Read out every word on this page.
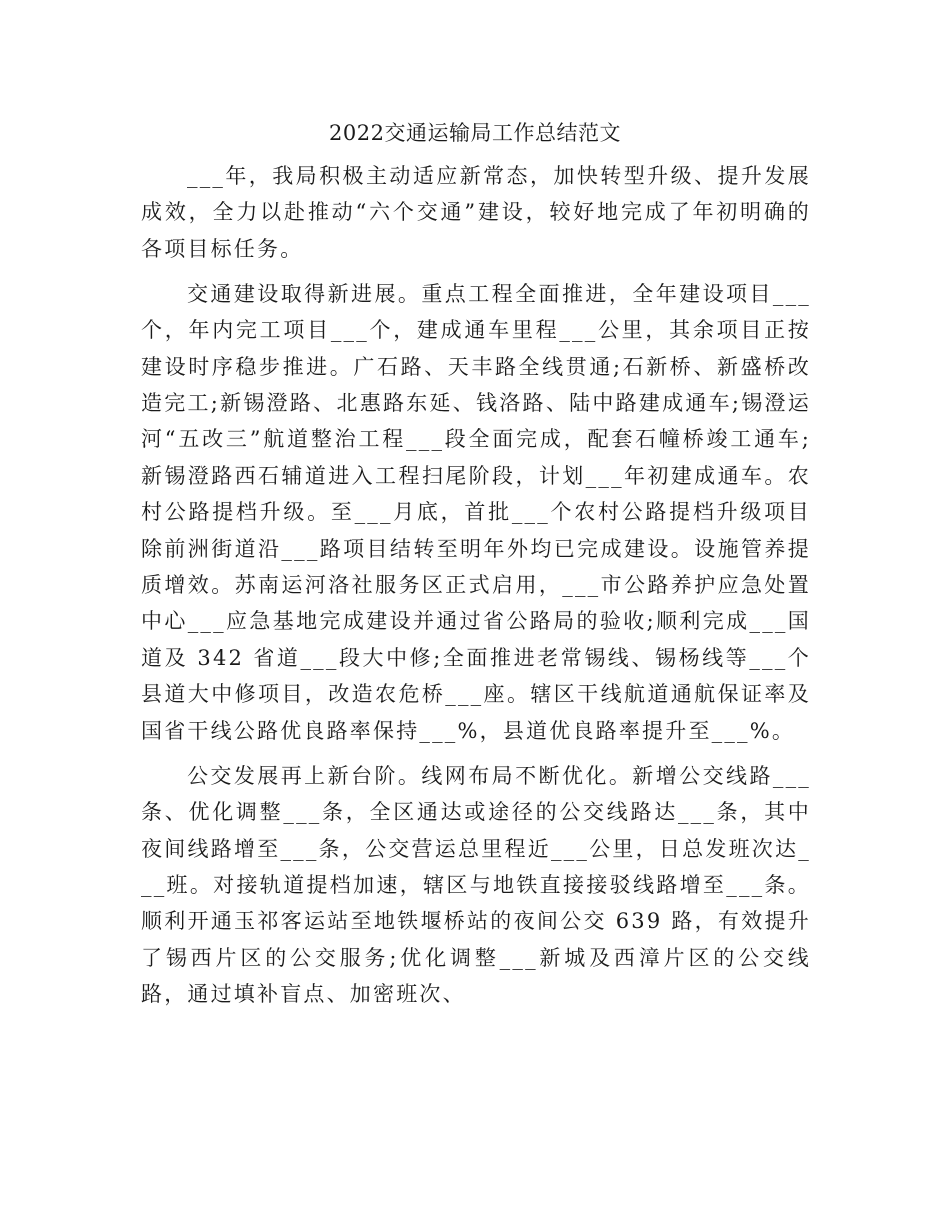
2022交通运输局工作总结范文

___年，我局积极主动适应新常态，加快转型升级、提升发展成效，全力以赴推动“六个交通”建设，较好地完成了年初明确的各项目标任务。

交通建设取得新进展。重点工程全面推进，全年建设项目___个，年内完工项目___个，建成通车里程___公里，其余项目正按建设时序稳步推进。广石路、天丰路全线贯通;石新桥、新盛桥改造完工;新锡澄路、北惠路东延、钱洛路、陆中路建成通车;锡澄运河“五改三”航道整治工程___段全面完成，配套石幢桥竣工通车;新锡澄路西石辅道进入工程扫尾阶段，计划___年初建成通车。农村公路提档升级。至___月底，首批___个农村公路提档升级项目除前洲街道沿___路项目结转至明年外均已完成建设。设施管养提质增效。苏南运河洛社服务区正式启用，___市公路养护应急处置中心___应急基地完成建设并通过省公路局的验收;顺利完成___国道及 342 省道___段大中修;全面推进老常锡线、锡杨线等___个县道大中修项目，改造农危桥___座。辖区干线航道通航保证率及国省干线公路优良路率保持___%，县道优良路率提升至___%。

公交发展再上新台阶。线网布局不断优化。新增公交线路___条、优化调整___条，全区通达或途径的公交线路达___条，其中夜间线路增至___条，公交营运总里程近___公里，日总发班次达___班。对接轨道提档加速，辖区与地铁直接接驳线路增至___条。顺利开通玉祁客运站至地铁堰桥站的夜间公交 639 路，有效提升了锡西片区的公交服务;优化调整___新城及西漳片区的公交线路，通过填补盲点、加密班次、
